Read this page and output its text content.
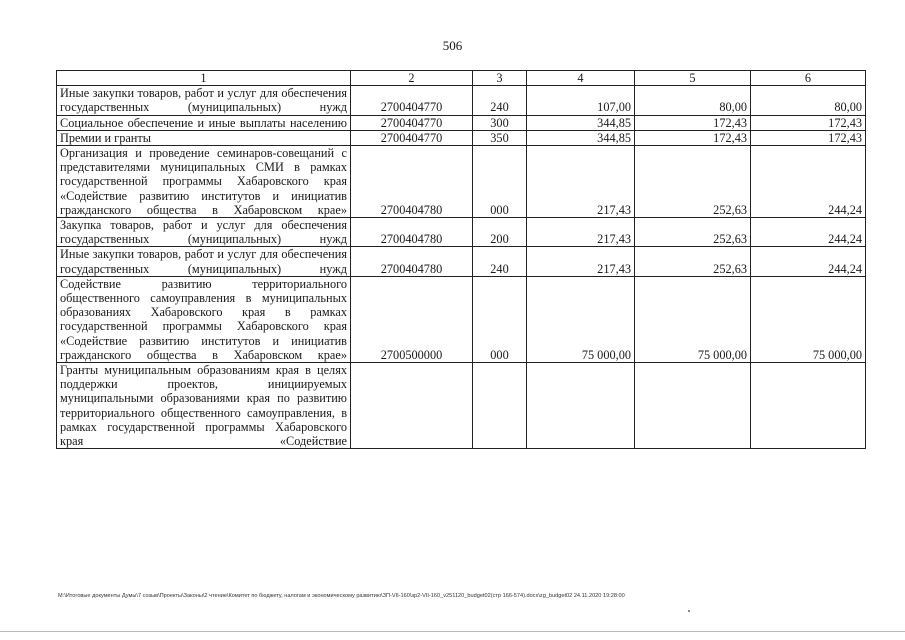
506
1	2	3	4	5	6
Иные закупки товаров, работ и услуг для обеспечения государственных (муниципальных) нужд	2700404770	240	107,00	80,00	80,00
Социальное обеспечение и иные выплаты населению	2700404770	300	344,85	172,43	172,43
Премии и гранты	2700404770	350	344,85	172,43	172,43
Организация и проведение семинаров-совещаний с представителями муниципальных СМИ в рамках государственной программы Хабаровского края «Содействие развитию институтов и инициатив гражданского общества в Хабаровском крае»	2700404780	000	217,43	252,63	244,24
Закупка товаров, работ и услуг для обеспечения государственных (муниципальных) нужд	2700404780	200	217,43	252,63	244,24
Иные закупки товаров, работ и услуг для обеспечения государственных (муниципальных) нужд	2700404780	240	217,43	252,63	244,24
Содействие развитию территориального общественного самоуправления в муниципальных образованиях Хабаровского края в рамках государственной программы Хабаровского края «Содействие развитию институтов и инициатив гражданского общества в Хабаровском крае»	2700500000	000	75 000,00	75 000,00	75 000,00
Гранты муниципальным образованиям края в целях поддержки проектов, инициируемых муниципальными образованиями края по развитию территориального общественного самоуправления, в рамках государственной программы Хабаровского края «Содействие					
M:\Итоговые документы Думы\7 созыв\Проекты\Законы\2 чтение\Комитет по бюджету, налогам и экономическому развитию\ЗП-VII-160\зр2-VII-160_v251120_budget02(стр 166-574).docx\zg_budget02 24.11.2020 19:28:00
